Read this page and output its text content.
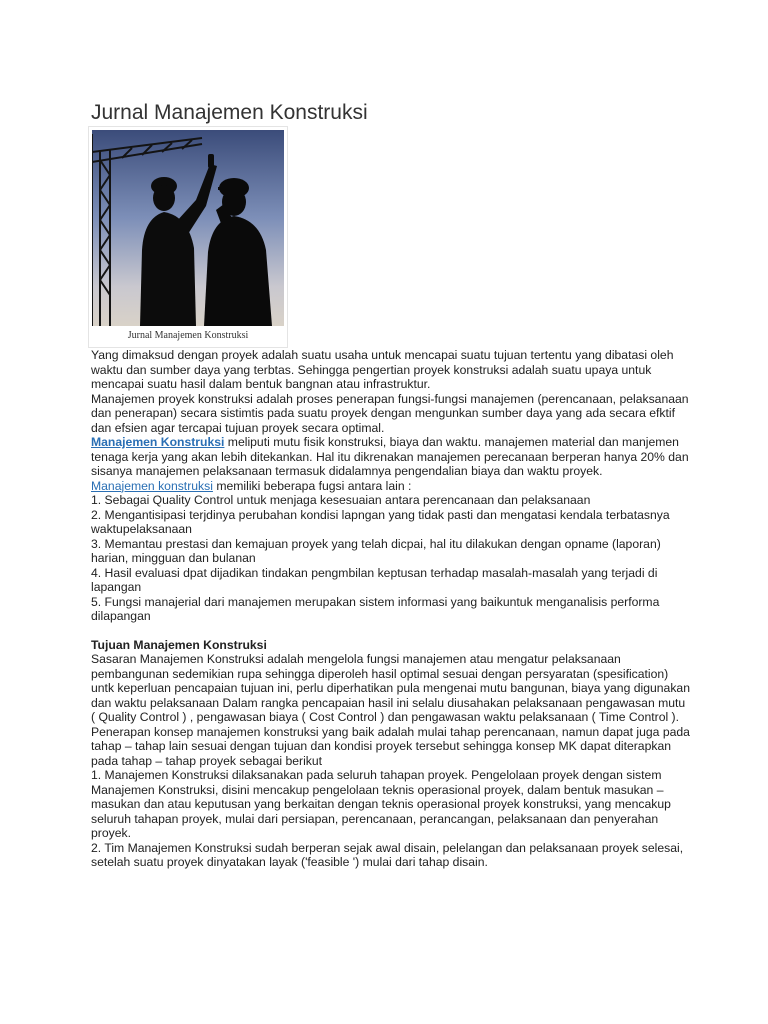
Jurnal Manajemen Konstruksi
Jurnal Manajemen Konstruksi

Yang dimaksud dengan proyek adalah suatu usaha untuk mencapai suatu tujuan tertentu yang dibatasi oleh waktu dan sumber daya yang terbtas. Sehingga pengertian proyek konstruksi adalah suatu upaya untuk mencapai suatu hasil dalam bentuk bangnan atau infrastruktur.

Manajemen proyek konstruksi adalah proses penerapan fungsi-fungsi manajemen (perencanaan, pelaksanaan dan penerapan) secara sistimtis pada suatu proyek dengan mengunkan sumber daya yang ada secara efktif dan efsien agar tercapai tujuan proyek secara optimal.

Manajemen Konstruksi meliputi mutu fisik konstruksi, biaya dan waktu. manajemen material dan manjemen tenaga kerja yang akan lebih ditekankan. Hal itu dikrenakan manajemen perecanaan berperan hanya 20% dan sisanya manajemen pelaksanaan termasuk didalamnya pengendalian biaya dan waktu proyek.

Manajemen konstruksi memiliki beberapa fugsi antara lain :

1. Sebagai Quality Control untuk menjaga kesesuaian antara perencanaan dan pelaksanaan

2. Mengantisipasi terjdinya perubahan kondisi lapngan yang tidak pasti dan mengatasi kendala terbatasnya waktupelaksanaan

3. Memantau prestasi dan kemajuan proyek yang telah dicpai, hal itu dilakukan dengan opname (laporan) harian, mingguan dan bulanan

4. Hasil evaluasi dpat dijadikan tindakan pengmbilan keptusan terhadap masalah-masalah yang terjadi di lapangan

5. Fungsi manajerial dari manajemen merupakan sistem informasi yang baikuntuk menganalisis performa dilapangan

Tujuan Manajemen Konstruksi

Sasaran Manajemen Konstruksi adalah mengelola fungsi manajemen atau mengatur pelaksanaan pembangunan sedemikian rupa sehingga diperoleh hasil optimal sesuai dengan persyaratan (spesification) untk keperluan pencapaian tujuan ini, perlu diperhatikan pula mengenai mutu bangunan, biaya yang digunakan dan waktu pelaksanaan Dalam rangka pencapaian hasil ini selalu diusahakan pelaksanaan pengawasan mutu ( Quality Control ) , pengawasan biaya ( Cost Control ) dan pengawasan waktu pelaksanaan ( Time Control ).

Penerapan konsep manajemen konstruksi yang baik adalah mulai tahap perencanaan, namun dapat juga pada tahap – tahap lain sesuai dengan tujuan dan kondisi proyek tersebut sehingga konsep MK dapat diterapkan pada tahap – tahap proyek sebagai berikut

1. Manajemen Konstruksi dilaksanakan pada seluruh tahapan proyek. Pengelolaan proyek dengan sistem Manajemen Konstruksi, disini mencakup pengelolaan teknis operasional proyek, dalam bentuk masukan – masukan dan atau keputusan yang berkaitan dengan teknis operasional proyek konstruksi, yang mencakup seluruh tahapan proyek, mulai dari persiapan, perencanaan, perancangan, pelaksanaan dan penyerahan proyek.

2. Tim Manajemen Konstruksi sudah berperan sejak awal disain, pelelangan dan pelaksanaan proyek selesai, setelah suatu proyek dinyatakan layak ('feasible ') mulai dari tahap disain.
